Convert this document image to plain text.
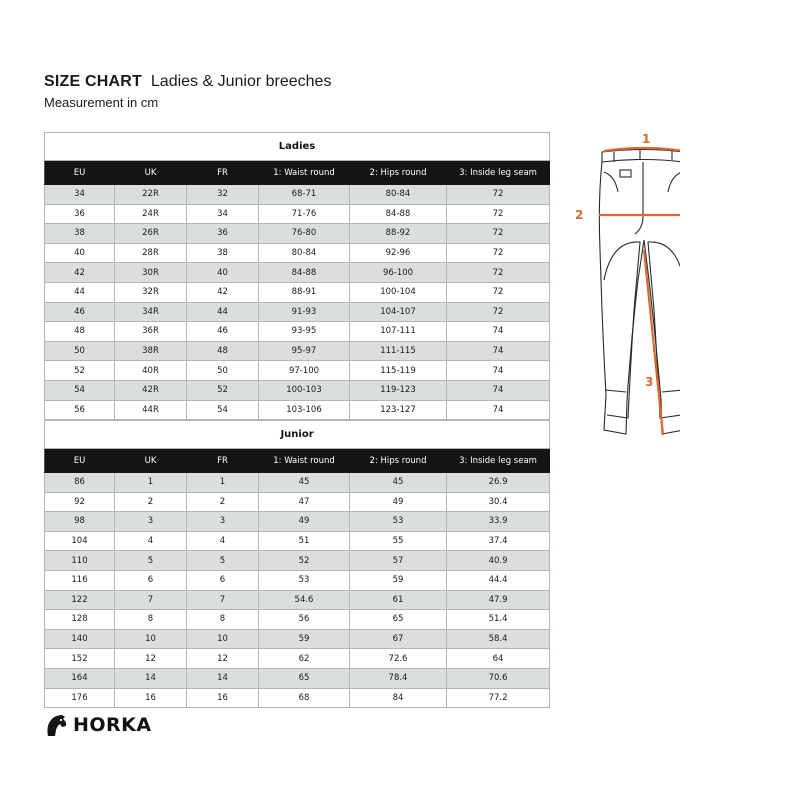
SIZE CHART Ladies & Junior breeches
Measurement in cm
Ladies					
EU	UK	FR	1: Waist round	2: Hips round	3: Inside leg seam
34	22R	32	68-71	80-84	72
36	24R	34	71-76	84-88	72
38	26R	36	76-80	88-92	72
40	28R	38	80-84	92-96	72
42	30R	40	84-88	96-100	72
44	32R	42	88-91	100-104	72
46	34R	44	91-93	104-107	72
48	36R	46	93-95	107-111	74
50	38R	48	95-97	111-115	74
52	40R	50	97-100	115-119	74
54	42R	52	100-103	119-123	74
56	44R	54	103-106	123-127	74
Junior					
EU	UK	FR	1: Waist round	2: Hips round	3: Inside leg seam
86	1	1	45	45	26.9
92	2	2	47	49	30.4
98	3	3	49	53	33.9
104	4	4	51	55	37.4
110	5	5	52	57	40.9
116	6	6	53	59	44.4
122	7	7	54.6	61	47.9
128	8	8	56	65	51.4
140	10	10	59	67	58.4
152	12	12	62	72.6	64
164	14	14	65	78.4	70.6
176	16	16	68	84	77.2
1
2
3
HORKA
